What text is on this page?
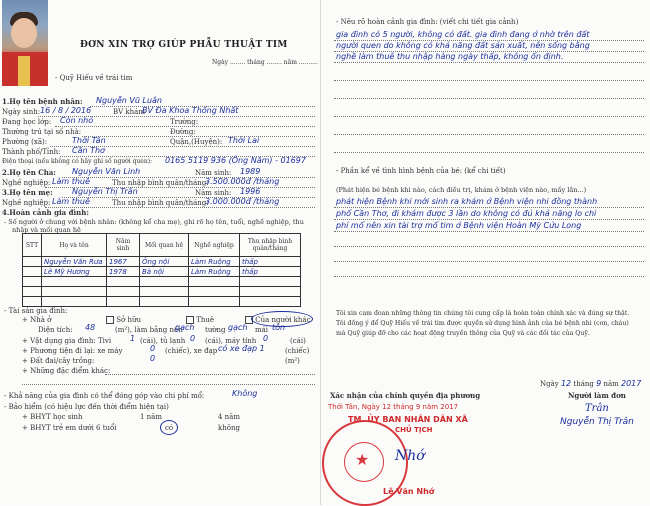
ĐƠN XIN TRỢ GIÚP PHẪU THUẬT TIM
Ngày ........ tháng ........ năm ..........
- Quỹ Hiếu về trái tim
1.Họ tên bệnh nhân: Nguyễn Vũ Luân
Ngày sinh: 16 / 8 / 2016	BV khám
BV Đa Khoa Thống Nhất
Đang học lớp: Còn nhỏ	Trường:
Thường trú tại số nhà:	Đường:
Phường (xã):	Thới Tân	Quận,(Huyện): Thới Lai
Thành phố/Tỉnh: Cần Thơ
Điện thoại (nếu không có hãy ghi số người quen): 0165 5119 936 (Ông Năm) - 01697
2.Họ tên Cha: Nguyễn Văn Linh	Năm sinh: 1989
Nghề nghiệp: Làm thuê	Thu nhập bình quân/tháng:
3.500.000đ /tháng
3.Họ tên mẹ: Nguyễn Thị Trân	Năm sinh: 1996
Nghề nghiệp: Làm thuê	Thu nhập bình quân/tháng:
3.000.000đ /tháng
4.Hoàn cảnh gia đình:
- Số người ở chung với bệnh nhân: (không kể cha mẹ), ghi rõ họ tên, tuổi, nghề nghiệp, thu
nhập và mối quan hệ
STT	Họ và tên	Năm sinh	Mối quan hệ	Nghề nghiệp	Thu nhập bình quân/tháng
	Nguyễn Văn Rưa	1967	Ông nội	Làm Ruộng	thấp
	Lê Mỹ Hương	1978	Bà nội	Làm Ruộng	thấp

- Tài sản gia đình:
+ Nhà ở	Sở hữu	Thuê	Của người khác
Diện tích: 48	(m²), làm bằng nền
gạch tường gạch mái tôn
+ Vật dụng gia đình: Tivi 1 (cái), tủ lạnh 0 (cái), máy tính 0	(cái)
+ Phương tiện đi lại: xe máy	0 (chiếc), xe đạp có xe đạp 1	(chiếc)
+ Đất đai/cây trồng:	0	(m²)
+ Những đặc điểm khác:
- Khả năng của gia đình có thể đóng góp vào chi phí mổ:	Không
- Bảo hiểm (có hiệu lực đến thời điểm hiện tại)
+ BHYT học sinh	1 năm	4 năm
+ BHYT trẻ em dưới 6 tuổi	có	không
- Nêu rõ hoàn cảnh gia đình: (viết chi tiết gia cảnh)
gia đình có 5 người, không có đất. gia đình đang ở nhờ trên đất
người quen do không có khả năng đất sản xuất, nên sống bằng
nghề làm thuê thu nhập hàng ngày thấp, không ổn định.
- Phần kể về tình hình bệnh của bé: (kể chi tiết)
(Phát hiện bé bệnh khi nào, cách điều trị, khám ở bệnh viện nào, mấy lần...)
phát hiện Bệnh khi mới sinh ra khám ở Bệnh viện nhi đồng thành
phố Cần Thơ, đi khám được 3 lần do không có đủ khả năng lo chi
phí mổ nên xin tài trợ mổ tim ở Bệnh viện Hoàn Mỹ Cửu Long
Tôi xin cam đoan những thông tin chúng tôi cung cấp là hoàn toàn chính xác và đúng sự thật.
Tôi đồng ý để Quỹ Hiếu về trái tim được quyền sử dụng hình ảnh của bé bệnh nhi (con, cháu)
mà Quỹ giúp đỡ cho các hoạt động truyền thông của Quỹ và các đối tác của Quỹ.
Ngày 12 tháng 9 năm 2017
Xác nhận của chính quyền địa phương	Người làm đơn
Trân
Nguyễn Thị Trân
★
Thới Tân, Ngày 12 tháng 9 năm 2017
TM. ỦY BAN NHÂN DÂN XÃ
CHỦ TỊCH
Nhớ
Lê Văn Nhớ
